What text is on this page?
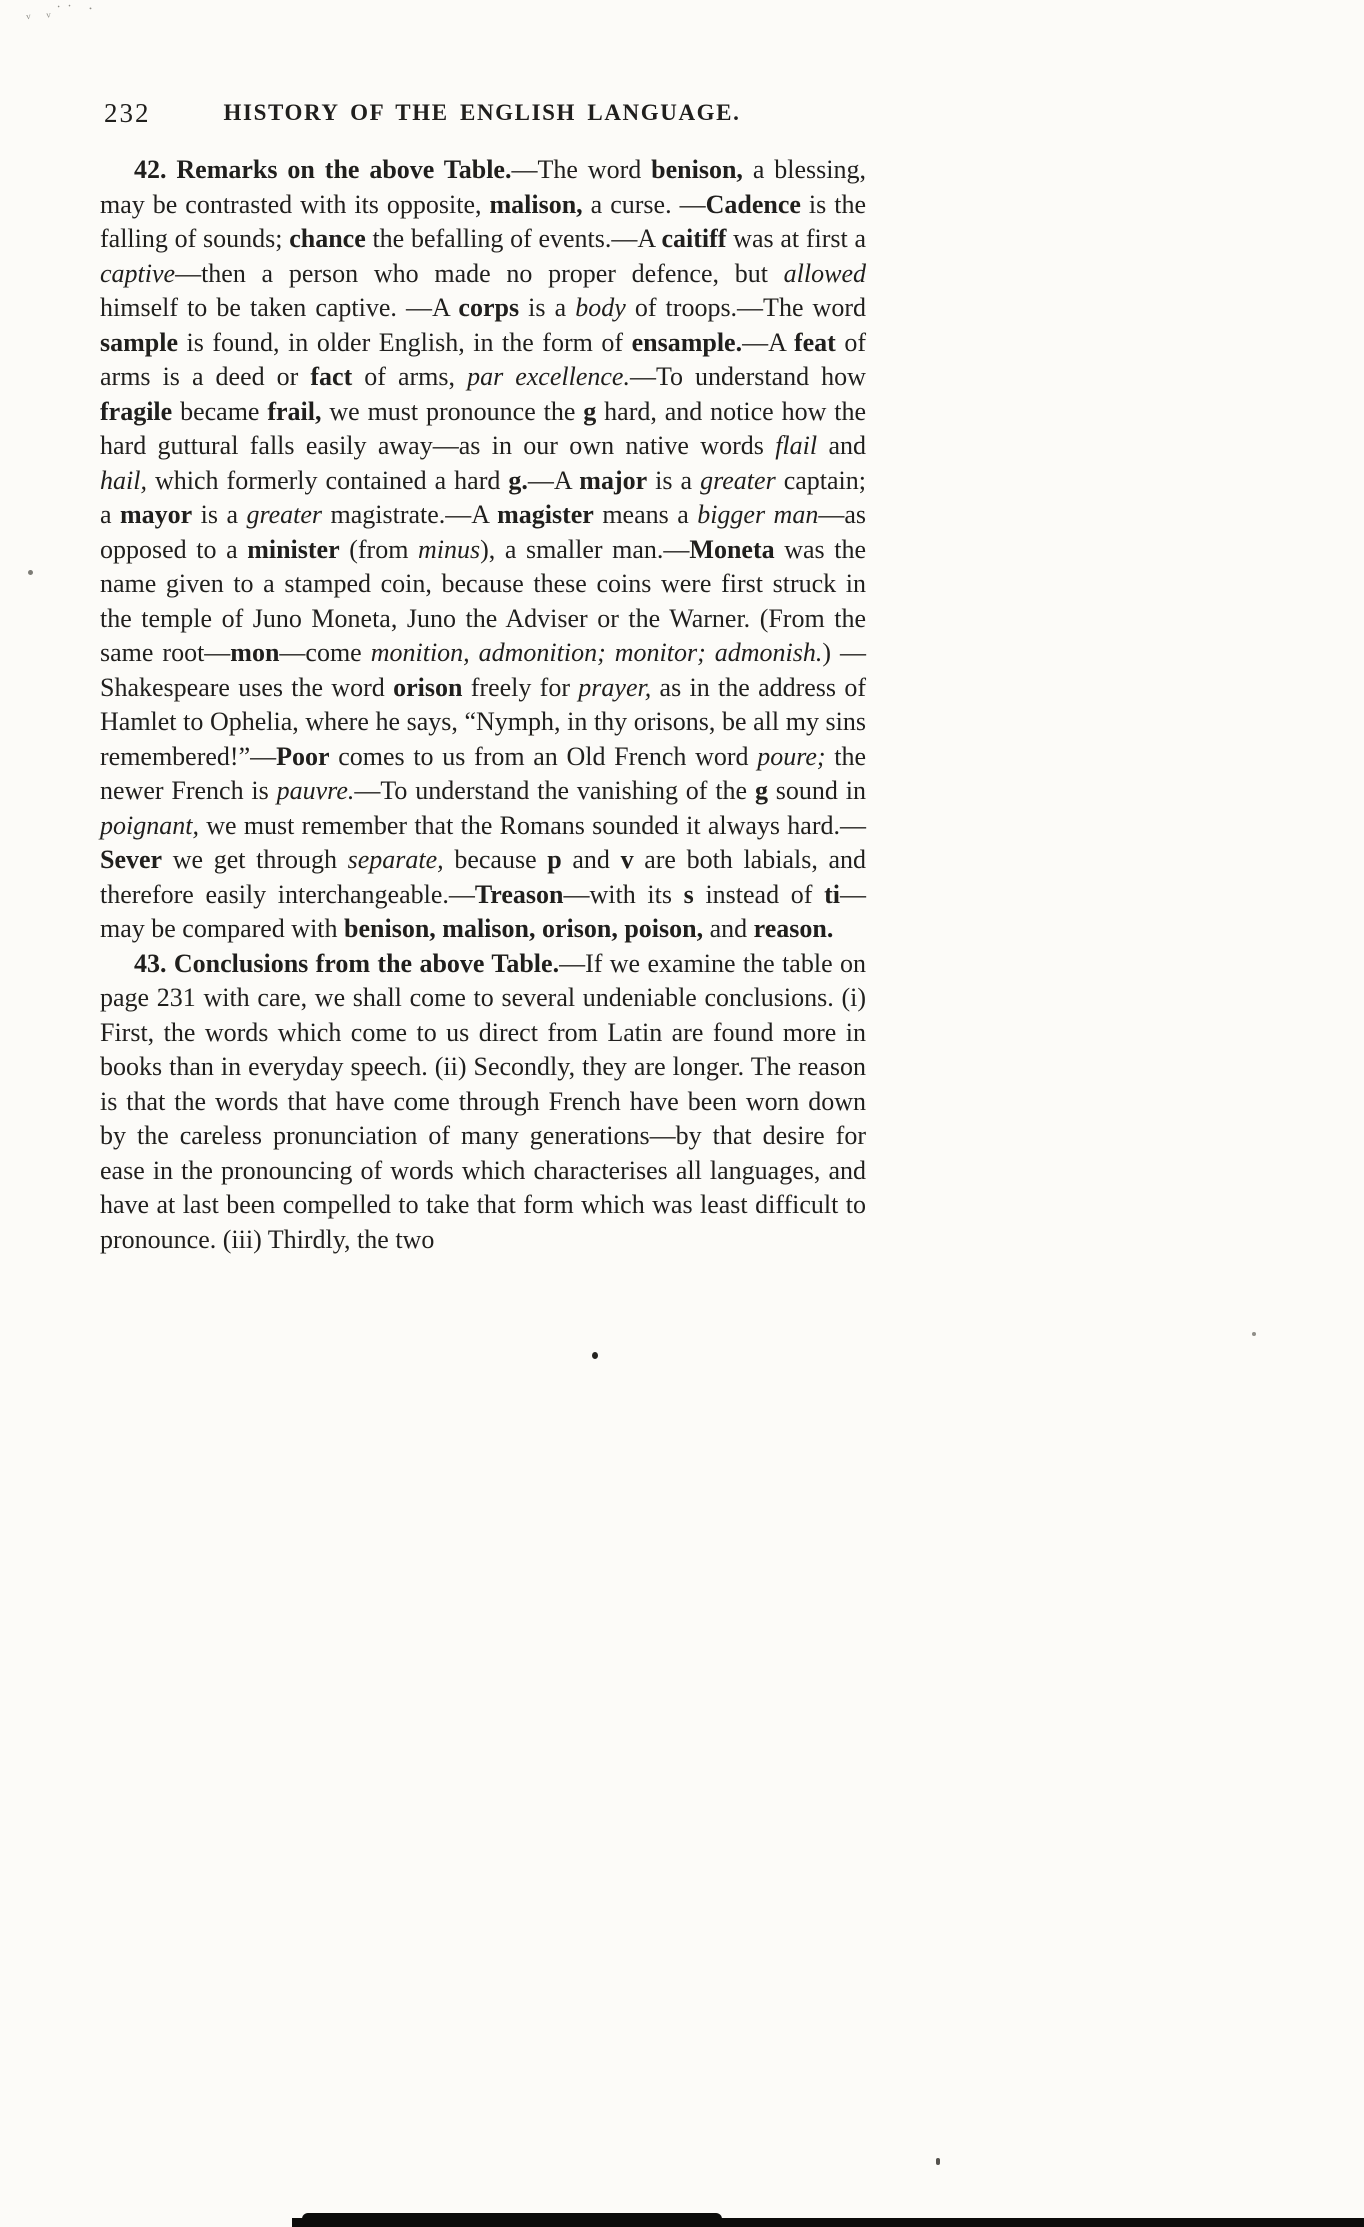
ᵥ ᵥ˙˙ ·
232	HISTORY OF THE ENGLISH LANGUAGE.

42. Remarks on the above Table.—The word benison, a blessing, may be contrasted with its opposite, malison, a curse. —Cadence is the falling of sounds; chance the befalling of events.—A caitiff was at first a captive—then a person who made no proper defence, but allowed himself to be taken captive. —A corps is a body of troops.—The word sample is found, in older English, in the form of ensample.—A feat of arms is a deed or fact of arms, par excellence.—To understand how fragile became frail, we must pronounce the g hard, and notice how the hard guttural falls easily away—as in our own native words flail and hail, which formerly contained a hard g.—A major is a greater captain; a mayor is a greater magistrate.—A magister means a bigger man—as opposed to a minister (from minus), a smaller man.—Moneta was the name given to a stamped coin, because these coins were first struck in the temple of Juno Moneta, Juno the Adviser or the Warner. (From the same root—mon—come monition, admonition; monitor; admonish.) —Shakespeare uses the word orison freely for prayer, as in the address of Hamlet to Ophelia, where he says, “Nymph, in thy orisons, be all my sins remembered!”—Poor comes to us from an Old French word poure; the newer French is pauvre.—To understand the vanishing of the g sound in poignant, we must remember that the Romans sounded it always hard.—Sever we get through separate, because p and v are both labials, and therefore easily interchangeable.—Treason—with its s instead of ti—may be compared with benison, malison, orison, poison, and reason.

43. Conclusions from the above Table.—If we examine the table on page 231 with care, we shall come to several undeniable conclusions. (i) First, the words which come to us direct from Latin are found more in books than in everyday speech. (ii) Secondly, they are longer. The reason is that the words that have come through French have been worn down by the careless pronunciation of many generations—by that desire for ease in the pronouncing of words which characterises all languages, and have at last been compelled to take that form which was least difficult to pronounce. (iii) Thirdly, the two
